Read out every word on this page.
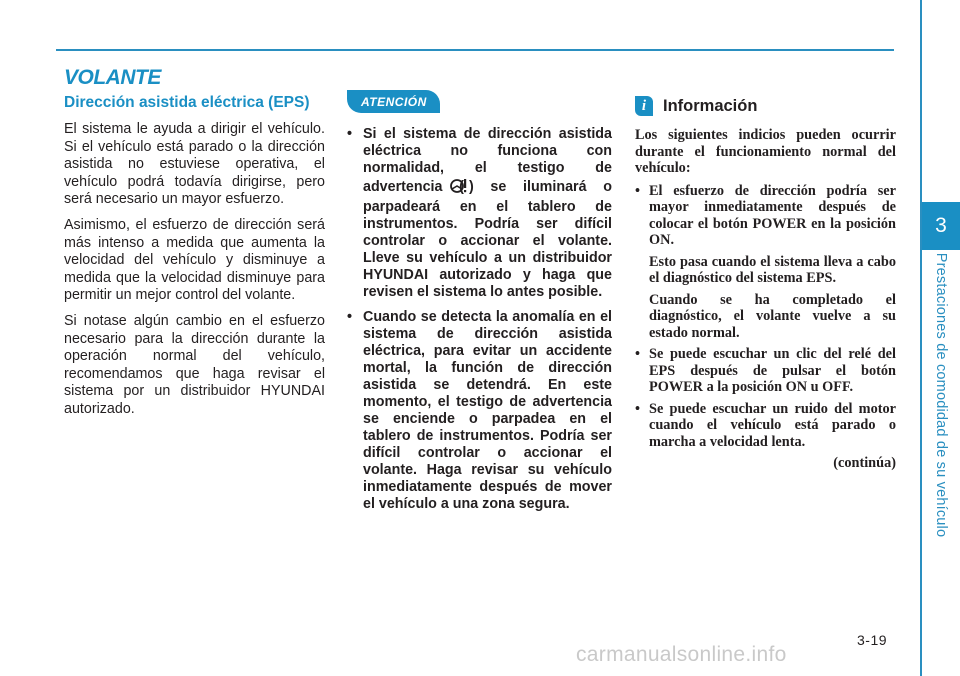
3
Prestaciones de comodidad de su vehículo
VOLANTE
Dirección asistida eléctrica (EPS)

El sistema le ayuda a dirigir el vehículo. Si el vehículo está parado o la dirección asistida no estuviese operativa, el vehículo podrá todavía dirigirse, pero será necesario un mayor esfuerzo.

Asimismo, el esfuerzo de dirección será más intenso a medida que aumenta la velocidad del vehículo y disminuye a medida que la velocidad disminuye para permitir un mejor control del volante.

Si notase algún cambio en el esfuerzo necesario para la dirección durante la operación normal del vehículo, recomendamos que haga revisar el sistema por un distribuidor HYUNDAI autorizado.

ATENCIÓN

• Si el sistema de dirección asistida eléctrica no funciona con normalidad, el testigo de advertencia ( ) se iluminará o parpadeará en el tablero de instrumentos. Podría ser difícil controlar o accionar el volante. Lleve su vehículo a un distribuidor HYUNDAI autorizado y haga que revisen el sistema lo antes posible.

• Cuando se detecta la anomalía en el sistema de dirección asistida eléctrica, para evitar un accidente mortal, la función de dirección asistida se detendrá. En este momento, el testigo de advertencia se enciende o parpadea en el tablero de instrumentos. Podría ser difícil controlar o accionar el volante. Haga revisar su vehículo inmediatamente después de mover el vehículo a una zona segura.

i	Información

Los siguientes indicios pueden ocurrir durante el funcionamiento normal del vehículo:

• El esfuerzo de dirección podría ser mayor inmediatamente después de colocar el botón POWER en la posición ON.

Esto pasa cuando el sistema lleva a cabo el diagnóstico del sistema EPS.

Cuando se ha completado el diagnóstico, el volante vuelve a su estado normal.

• Se puede escuchar un clic del relé del EPS después de pulsar el botón POWER a la posición ON u OFF.

• Se puede escuchar un ruido del motor cuando el vehículo está parado o marcha a velocidad lenta.

(continúa)

3-19
carmanualsonline.info
